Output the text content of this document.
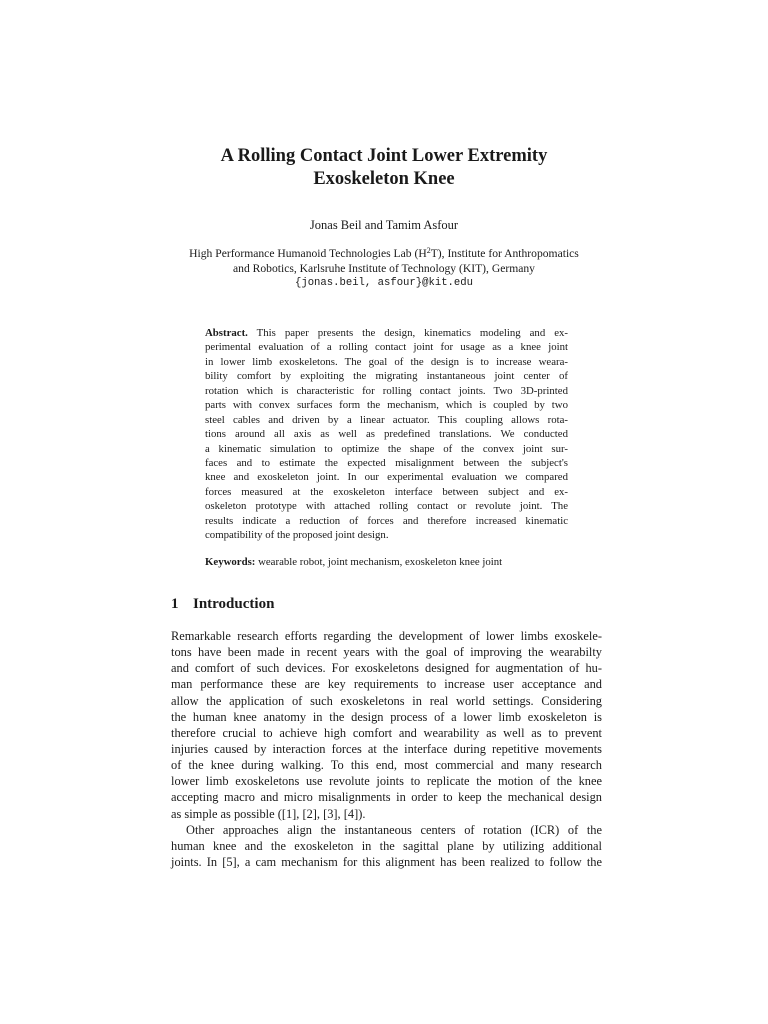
A Rolling Contact Joint Lower Extremity
Exoskeleton Knee
Jonas Beil and Tamim Asfour
High Performance Humanoid Technologies Lab $(H^2T)$, Institute for Anthropomatics
and Robotics, Karlsruhe Institute of Technology (KIT), Germany
{jonas.beil, asfour}@kit.edu
Abstract. This paper presents the design, kinematics modeling and ex-
perimental evaluation of a rolling contact joint for usage as a knee joint
in lower limb exoskeletons. The goal of the design is to increase weara-
bility comfort by exploiting the migrating instantaneous joint center of
rotation which is characteristic for rolling contact joints. Two 3D-printed
parts with convex surfaces form the mechanism, which is coupled by two
steel cables and driven by a linear actuator. This coupling allows rota-
tions around all axis as well as predefined translations. We conducted
a kinematic simulation to optimize the shape of the convex joint sur-
faces and to estimate the expected misalignment between the subject's
knee and exoskeleton joint. In our experimental evaluation we compared
forces measured at the exoskeleton interface between subject and ex-
oskeleton prototype with attached rolling contact or revolute joint. The
results indicate a reduction of forces and therefore increased kinematic
compatibility of the proposed joint design.
Keywords: wearable robot, joint mechanism, exoskeleton knee joint
1 Introduction
Remarkable research efforts regarding the development of lower limbs exoskele-
tons have been made in recent years with the goal of improving the wearabilty
and comfort of such devices. For exoskeletons designed for augmentation of hu-
man performance these are key requirements to increase user acceptance and
allow the application of such exoskeletons in real world settings. Considering
the human knee anatomy in the design process of a lower limb exoskeleton is
therefore crucial to achieve high comfort and wearability as well as to prevent
injuries caused by interaction forces at the interface during repetitive movements
of the knee during walking. To this end, most commercial and many research
lower limb exoskeletons use revolute joints to replicate the motion of the knee
accepting macro and micro misalignments in order to keep the mechanical design
as simple as possible ([1], [2], [3], [4]).
Other approaches align the instantaneous centers of rotation (ICR) of the
human knee and the exoskeleton in the sagittal plane by utilizing additional
joints. In [5], a cam mechanism for this alignment has been realized to follow the
